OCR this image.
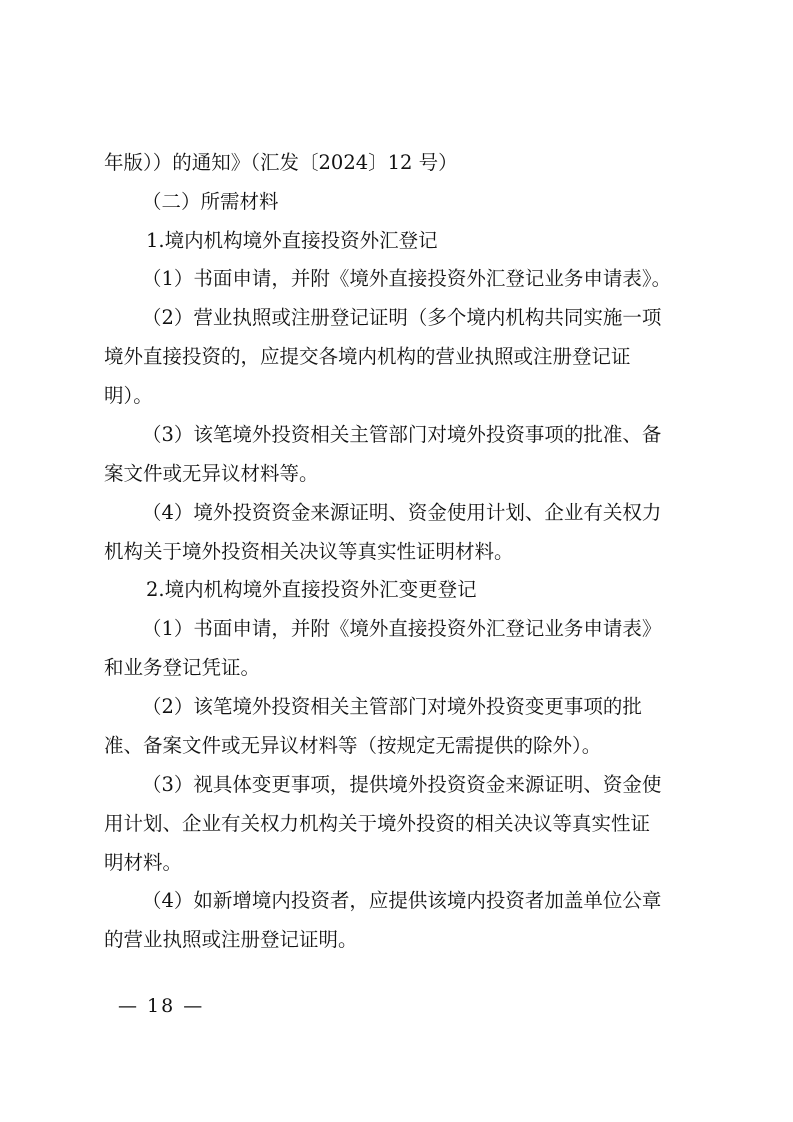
年版））的通知》（汇发〔2024〕12 号）
（二）所需材料
1.境内机构境外直接投资外汇登记
（1）书面申请，并附《境外直接投资外汇登记业务申请表》。
（2）营业执照或注册登记证明（多个境内机构共同实施一项
境外直接投资的，应提交各境内机构的营业执照或注册登记证
明）。
（3）该笔境外投资相关主管部门对境外投资事项的批准、备
案文件或无异议材料等。
（4）境外投资资金来源证明、资金使用计划、企业有关权力
机构关于境外投资相关决议等真实性证明材料。
2.境内机构境外直接投资外汇变更登记
（1）书面申请，并附《境外直接投资外汇登记业务申请表》
和业务登记凭证。
（2）该笔境外投资相关主管部门对境外投资变更事项的批
准、备案文件或无异议材料等（按规定无需提供的除外）。
（3）视具体变更事项，提供境外投资资金来源证明、资金使
用计划、企业有关权力机构关于境外投资的相关决议等真实性证
明材料。
（4）如新增境内投资者，应提供该境内投资者加盖单位公章
的营业执照或注册登记证明。
— 18 —
